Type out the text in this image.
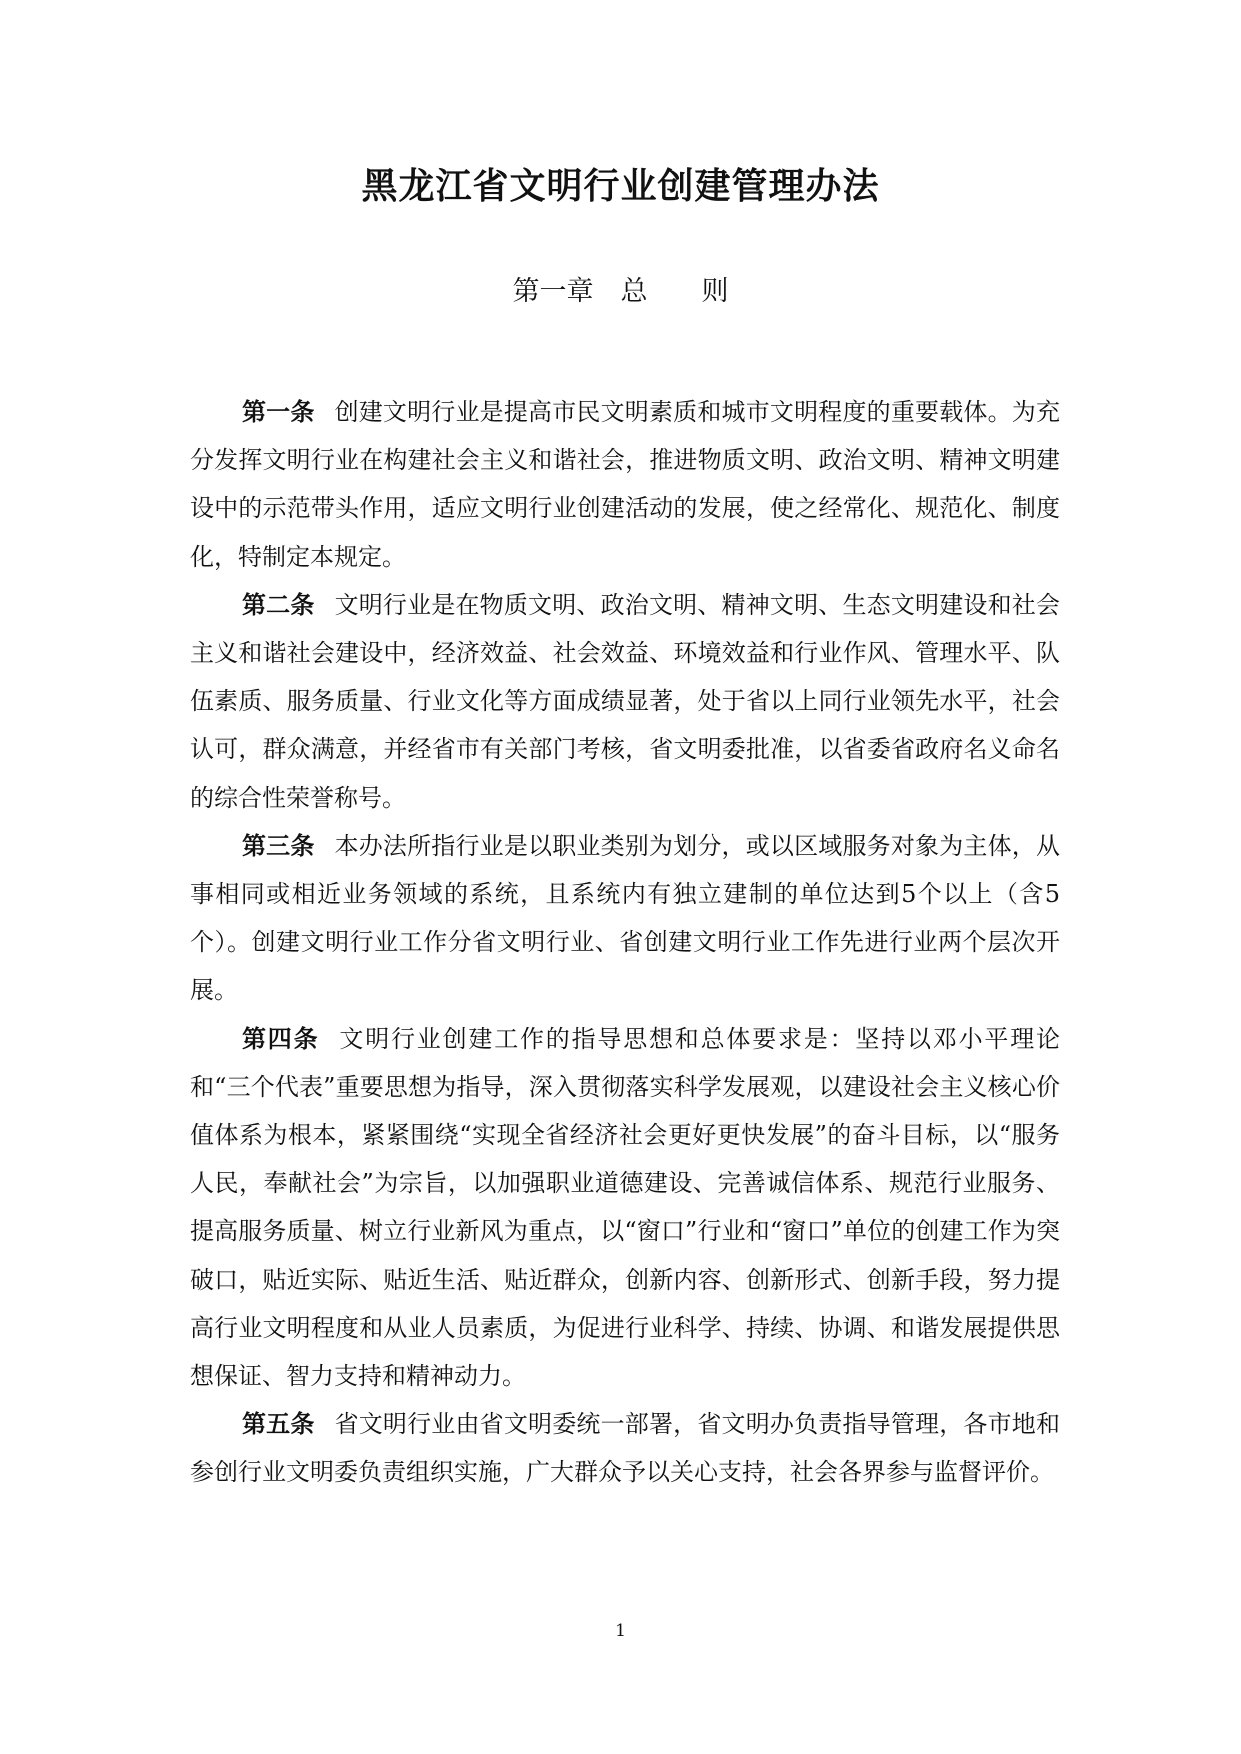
黑龙江省文明行业创建管理办法
第一章　总　　则

第一条 创建文明行业是提高市民文明素质和城市文明程度的重要载体。为充分发挥文明行业在构建社会主义和谐社会，推进物质文明、政治文明、精神文明建设中的示范带头作用，适应文明行业创建活动的发展，使之经常化、规范化、制度化，特制定本规定。

第二条 文明行业是在物质文明、政治文明、精神文明、生态文明建设和社会主义和谐社会建设中，经济效益、社会效益、环境效益和行业作风、管理水平、队伍素质、服务质量、行业文化等方面成绩显著，处于省以上同行业领先水平，社会认可，群众满意，并经省市有关部门考核，省文明委批准，以省委省政府名义命名的综合性荣誉称号。

第三条 本办法所指行业是以职业类别为划分，或以区域服务对象为主体，从事相同或相近业务领域的系统，且系统内有独立建制的单位达到5个以上（含5个）。创建文明行业工作分省文明行业、省创建文明行业工作先进行业两个层次开展。

第四条 文明行业创建工作的指导思想和总体要求是：坚持以邓小平理论和“三个代表”重要思想为指导，深入贯彻落实科学发展观，以建设社会主义核心价值体系为根本，紧紧围绕“实现全省经济社会更好更快发展”的奋斗目标，以“服务人民，奉献社会”为宗旨，以加强职业道德建设、完善诚信体系、规范行业服务、提高服务质量、树立行业新风为重点，以“窗口”行业和“窗口”单位的创建工作为突破口，贴近实际、贴近生活、贴近群众，创新内容、创新形式、创新手段，努力提高行业文明程度和从业人员素质，为促进行业科学、持续、协调、和谐发展提供思想保证、智力支持和精神动力。

第五条 省文明行业由省文明委统一部署，省文明办负责指导管理，各市地和参创行业文明委负责组织实施，广大群众予以关心支持，社会各界参与监督评价。

1
